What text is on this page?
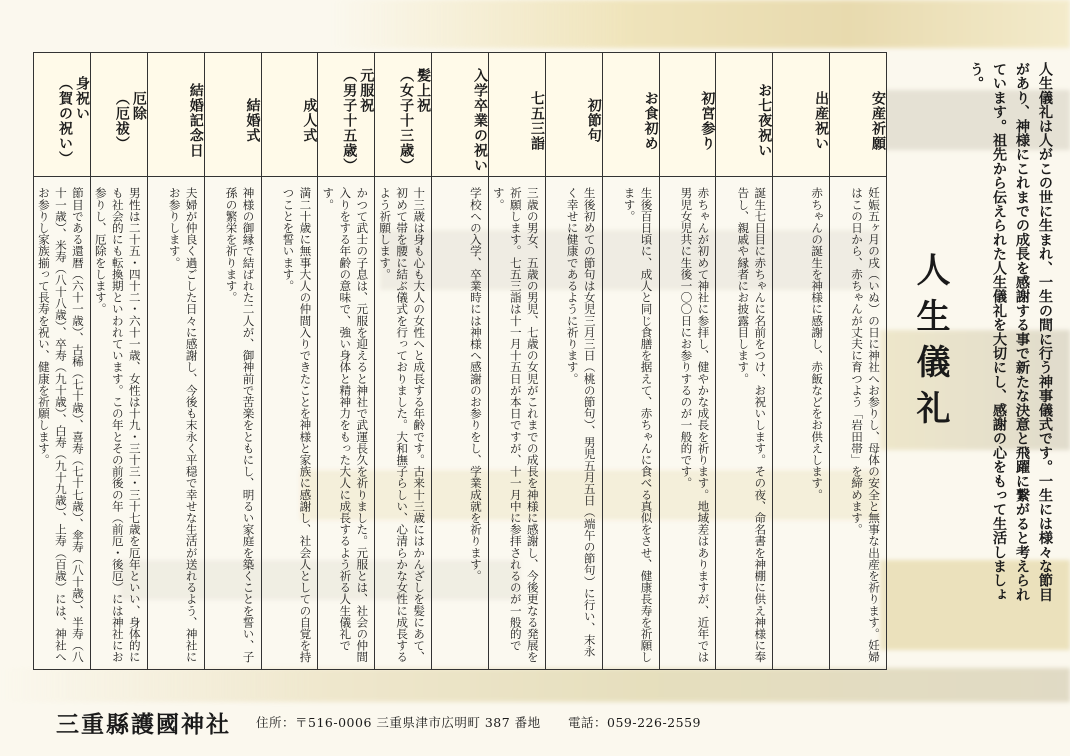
人生儀礼は人がこの世に生まれ、一生の間に行う神事儀式です。一生には様々な節目があり、神様にこれまでの成長を感謝する事で新たな決意と飛躍に繋がると考えられています。祖先から伝えられた人生儀礼を大切にし、感謝の心をもって生活しましょう。
人生儀礼
安産祈願
妊娠五ヶ月の戌（いぬ）の日に神社へお参りし、母体の安全と無事な出産を祈ります。妊婦はこの日から、赤ちゃんが丈夫に育つよう「岩田帯」を締めます。
出産祝い
赤ちゃんの誕生を神様に感謝し、赤飯などをお供えします。
お七夜祝い
誕生七日目に赤ちゃんに名前をつけ、お祝いします。その夜、命名書を神棚に供え神様に奉告し、親戚や縁者にお披露目します。
初宮参り
赤ちゃんが初めて神社に参拝し、健やかな成長を祈ります。地域差はありますが、近年では男児女児共に生後一〇〇日にお参りするのが一般的です。
お食初め
生後百日頃に、成人と同じ食膳を据えて、赤ちゃんに食べる真似をさせ、健康長寿を祈願します。
初節句
生後初めての節句は女児三月三日（桃の節句）、男児五月五日（端午の節句）に行い、末永く幸せに健康であるように祈ります。
七五三詣
三歳の男女、五歳の男児、七歳の女児がこれまでの成長を神様に感謝し、今後更なる発展を祈願します。七五三詣は十一月十五日が本日ですが、十一月中に参拝されるのが一般的です。
入学卒業の祝い
学校への入学、卒業時には神様へ感謝のお参りをし、学業成就を祈ります。
髪上祝
（女子十三歳）
十三歳は身も心も大人の女性へと成長する年齢です。古来十三歳にはかんざしを髪にあて、初めて帯を腰に結ぶ儀式を行っておりました。大和撫子らしい、心清らかな女性に成長するよう祈願します。
元服祝
（男子十五歳）
かつて武士の子息は、元服を迎えると神社で武運長久を祈りました。元服とは、社会の仲間入りをする年齢の意味で、強い身体と精神力をもった大人に成長するよう祈る人生儀礼です。
成人式
満二十歳に無事大人の仲間入りできたことを神様と家族に感謝し、社会人としての自覚を持つことを誓います。
結婚式
神様の御縁で結ばれた二人が、御神前で苦楽をともにし、明るい家庭を築くことを誓い、子孫の繁栄を祈ります。
結婚記念日
夫婦が仲良く過ごした日々に感謝し、今後も末永く平穏で幸せな生活が送れるよう、神社にお参りします。
厄除
（厄祓）
男性は二十五・四十二・六十一歳、女性は十九・三十三・三十七歳を厄年といい、身体的にも社会的にも転換期といわれています。この年とその前後の年（前厄・後厄）には神社にお参りし、厄除をします。
身祝い
（賀の祝い）
節目である還暦（六十一歳）、古稀（七十歳）、喜寿（七十七歳）、傘寿（八十歳）、半寿（八十一歳）、米寿（八十八歳）、卒寿（九十歳）、白寿（九十九歳）、上寿（百歳）には、神社へお参りし家族揃って長寿を祝い、健康を祈願します。
三重縣護國神社 住所：〒516-0006 三重県津市広明町 387 番地 電話：059-226-2559
